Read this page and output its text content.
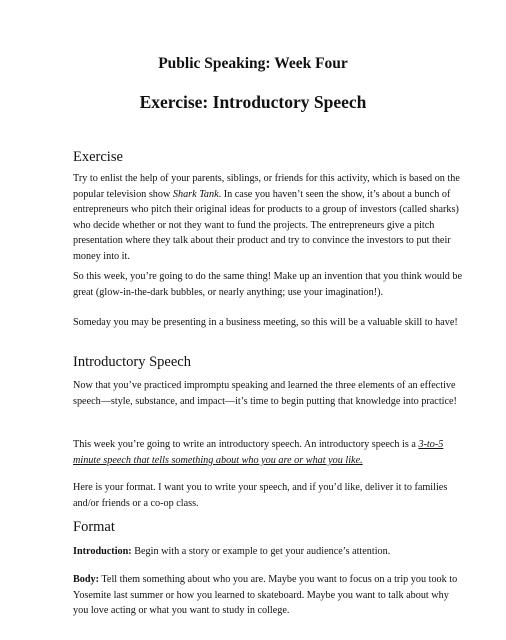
Public Speaking: Week Four
Exercise: Introductory Speech
Exercise
Try to enlist the help of your parents, siblings, or friends for this activity, which is based on the popular television show Shark Tank. In case you haven’t seen the show, it’s about a bunch of entrepreneurs who pitch their original ideas for products to a group of investors (called sharks) who decide whether or not they want to fund the projects. The entrepreneurs give a pitch presentation where they talk about their product and try to convince the investors to put their money into it.
So this week, you’re going to do the same thing! Make up an invention that you think would be great (glow-in-the-dark bubbles, or nearly anything; use your imagination!).
Someday you may be presenting in a business meeting, so this will be a valuable skill to have!
Introductory Speech
Now that you’ve practiced impromptu speaking and learned the three elements of an effective speech—style, substance, and impact—it’s time to begin putting that knowledge into practice!
This week you’re going to write an introductory speech. An introductory speech is a 3-to-5 minute speech that tells something about who you are or what you like.
Here is your format. I want you to write your speech, and if you’d like, deliver it to families and/or friends or a co-op class.
Format
Introduction: Begin with a story or example to get your audience’s attention.
Body: Tell them something about who you are. Maybe you want to focus on a trip you took to Yosemite last summer or how you learned to skateboard. Maybe you want to talk about why you love acting or what you want to study in college.
